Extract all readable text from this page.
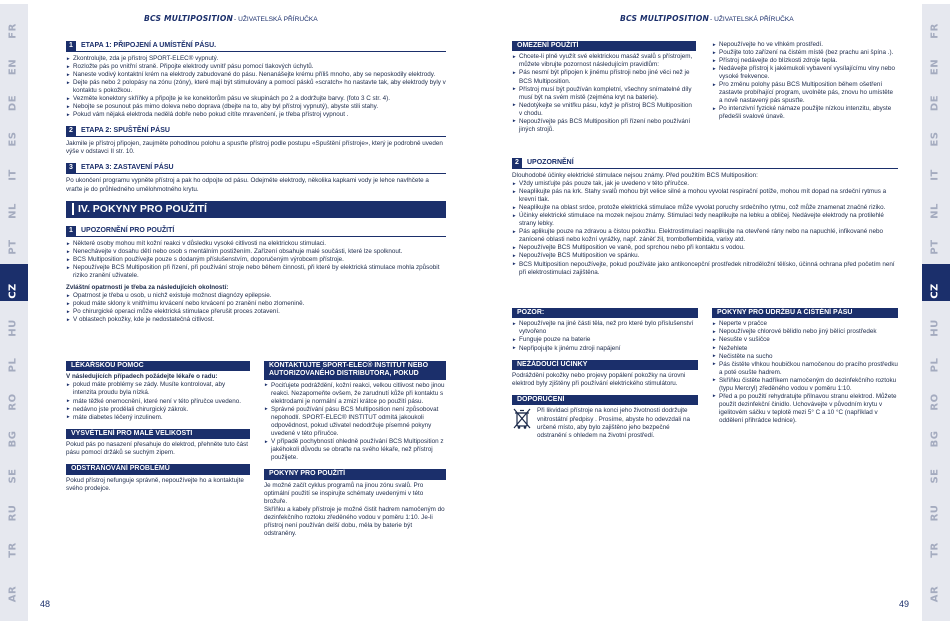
FR
EN
DE
ES
IT
NL
PT
CZ
HU
PL
RO
BG
SE
RU
TR
AR
FR
EN
DE
ES
IT
NL
PT
CZ
HU
PL
RO
BG
SE
RU
TR
AR
BCS MULTIPOSITION- UŽIVATELSKÁ PŘÍRUČKA	BCS MULTIPOSITION- UŽIVATELSKÁ PŘÍRUČKA
48	49
1	ETAPA 1: PŘIPOJENÍ A UMÍSTĚNÍ PÁSU.
► Zkontrolujte, zda je přístroj SPORT-ELEC® vypnutý.
► Rozložte pás po vnitřní straně. Připojte elektrody uvnitř pásu pomocí tlakových úchytů.
► Naneste vodivý kontaktní krém na elektrody zabudované do pásu. Nenanášejte krému příliš mnoho, aby se neposkodily elektrody.
► Dejte pás nebo 2 polopásy na zónu (zóny), které mají být stimulovány a pomocí pásků «scratch» ho nastavte tak, aby elektrody byly v kontaktu s pokožkou.
► Vezměte konektory skříňky a připojte je ke konektorům pásu ve skupinách po 2 a dodržujte barvy. (foto 3 C str. 4).
► Nebojte se posunout pás mimo doleva nebo doprava (dbejte na to, aby byl přístroj vypnutý), abyste stili stahy.
► Pokud vám nějaká elektroda nedělá dobře nebo pokud cítíte mravenčení, je třeba přístroj vypnout .
2	ETAPA 2: SPUŠTĚNÍ PÁSU

Jakmile je přístroj připojen, zaujměte pohodlnou polohu a spusťte přístroj podle postupu «Spuštění přístroje», který je podrobně uveden výše v odstavci II str. 10.

3	ETAPA 3: ZASTAVENÍ PÁSU

Po ukončení programu vypněte přístroj a pak ho odpojte od pásu. Odejměte elektrody, několika kapkami vody je lehce navlhčete a vraťte je do průhledného umělohmotného krytu.

IV. POKYNY PRO POUŽITÍ
1	UPOZORNĚNÍ PRO POUŽITÍ
► Některé osoby mohou mít kožní reakci v důsledku vysoké citlivosti na elektrickou stimulaci.
► Nenechávejte v dosahu dětí nebo osob s mentálním postižením. Zařízení obsahuje malé součásti, které lze spolknout.
► BCS Multiposition používejte pouze s dodaným příslušenstvím, doporučeným výrobcem přístroje.
► Nepoužívejte BCS Multiposition při řízení, při používání stroje nebo během činnosti, při které by elektrická stimulace mohla způsobit riziko zranění uživatele.

Zvláštní opatrnosti je třeba za následujících okolností:

► Opatrnost je třeba u osob, u nichž existuje možnost diagnózy epilepsie.
► pokud máte sklony k vnitřnímu krvácení nebo krvácení po zranění nebo zlomenině.
► Po chirurgické operaci může elektrická stimulace přerušit proces zotavení.
► V oblastech pokožky, kde je nedostatečná citlivost.
LÉKAŘSKOU POMOC

V následujících případech požádejte lékaře o radu:

► pokud máte problémy se zády. Musíte kontrolovat, aby intenzita proudu byla nízká.
► máte těžké onemocnění, které není v této příručce uvedeno.
► nedávno jste prodělali chirurgický zákrok.
► máte diabetes léčený inzulinem.
VYSVĚTLENÍ PRO MALÉ VELIKOSTI

Pokud pás po nasazení přesahuje do elektrod, přehněte tuto část pásu pomocí držáků se suchým zipem.

ODSTRAŇOVÁNÍ PROBLÉMŮ

Pokud přístroj nefunguje správně, nepoužívejte ho a kontaktujte svého prodejce.

KONTAKTUJTE SPORT-ELEC® INSTITUT NEBO AUTORIZOVANÉHO DISTRIBUTORA, POKUD
► Pociťujete podráždění, kožní reakci, velkou citlivost nebo jinou reakci. Nezapomeňte ovšem, že zarudnutí kůže při kontaktu s elektrodami je normální a zmizí krátce po použití pásu.
► Správné používání pásu BCS Multiposition není způsobovat nepohodlí. SPORT-ELEC® INSTITUT odmítá jakoukoli odpovědnost, pokud uživatel nedodržuje písemné pokyny uvedené v této příručce.
► V případě pochybností ohledně používání BCS Multiposition z jakéhokoli důvodu se obraťte na svého lékaře, než přístroj použijete.
POKYNY PRO POUŽITÍ

Je možné začít cyklus programů na jinou zónu svalů. Pro optimální použití se inspirujte schématy uvedenými v této brožuře.

Skříňku a kabely přístroje je možné čistit hadrem namočeným do dezinfekčního roztoku zředěného vodou v poměru 1:10. Je-li přístroj není používán delší dobu, měla by baterie být odstraněny.

OMEZENÍ POUŽITÍ
► Chcete-li plně využít své elektrickou masáž svalů s přístrojem, můžete vibrujte pozornost následujícím pravidlům:
► Pás nesmí být připojen k jinému přístroji nebo jiné věci než je BCS Multiposition.
► Přístroj musí být používán kompletní, všechny snímatelné díly musí být na svém místě (zejména kryt na baterie).
► Nedotýkejte se vnitřku pásu, když je přístroj BCS Multiposition v chodu.
► Nepoužívejte pás BCS Multiposition při řízení nebo používání jiných strojů.
► Nepoužívejte ho ve vlhkém prostředí.
► Použijte toto zařízení na čistém místě (bez prachu ani špína .).
► Přístroj nedávejte do blízkosti zdroje tepla.
► Nedávejte přístroj k jakémukoli vybavení vysílajícímu vlny nebo vysoké frekvence.
► Pro změnu polohy pásu BCS Multiposition během ošetření zastavte probíhající program, uvolněte pás, znovu ho umístěte a nově nastavený pás spusťte.
► Po intenzivní fyzické námaze použijte nízkou intenzitu, abyste předešli svalové únavě.
2	UPOZORNĚNÍ

Dlouhodobé účinky elektrické stimulace nejsou známy. Před použitím BCS Multiposition:

► Vždy umisťujte pás pouze tak, jak je uvedeno v této příručce.
► Neaplikujte pás na krk. Stahy svalů mohou být velice silné a mohou vyvolat respirační potíže, mohou mít dopad na srdeční rytmus a krevní tlak.
► Neaplikujte na oblast srdce, protože elektrická stimulace může vyvolat poruchy srdečního rytmu, což může znamenat značné riziko.
► Účinky elektrické stimulace na mozek nejsou známy. Stimulaci tedy neaplikujte na lebku a obličej. Nedávejte elektrody na protilehlé strany lebky.
► Pás aplikujte pouze na zdravou a čistou pokožku. Elektrostimulaci neaplikujte na otevřené rány nebo na napuchlé, infikované nebo zanícené oblasti nebo kožní vyrážky, např. záněť žil, tromboflembitida, varixy atd.
► Nepoužívejte BCS Multiposition ve vaně, pod sprchou nebo při kontaktu s vodou.
► Nepoužívejte BCS Multiposition ve spánku.
► BCS Multiposition nepoužívejte, pokud používáte jako antikoncepční prostředek nitroděložní tělísko, účinná ochrana před početím není při elektrostimulaci zajištěna.
POZOR:
► Nepoužívejte na jiné části těla, než pro které bylo příslušenství vytvořeno
► Funguje pouze na baterie
► Nepřipojujte k jinému zdroji napájení
NEŽÁDOUCÍ ÚČINKY

Podráždění pokožky nebo projevy popálení pokožky na úrovni elektrod byly zjištěny při používání elektrického stimulátoru.

DOPORUČENÍ

Při likvidaci přístroje na konci jeho životnosti dodržujte vnitrostátní předpisy . Prosíme, abyste ho odevzdali na určené místo, aby bylo zajištěno jeho bezpečné odstranění s ohledem na životní prostředí.

POKYNY PRO ÚDRŽBU A ČIŠTĚNÍ PÁSU
► Neperte v pračce
► Nepoužívejte chlorové bělidlo nebo jiný bělící prostředek
► Nesušte v sušičce
► Nežehlete
► Nečistěte na sucho
► Pás čistěte vlhkou houbičkou namočenou do pracího prostředku a poté osušte hadrem.
► Skříňku čistěte hadříkem namočeným do dezinfekčního roztoku (typu Mercryl) zředěného vodou v poměru 1:10.
► Před a po použití rehydratujte přilnavou stranu elektrod. Můžete použít dezinfekční činidlo. Uchovávejte v původním krytu v igelitovém sáčku v teplotě mezi 5° C a 10 °C (například v oddělení přihrádce lednice).
